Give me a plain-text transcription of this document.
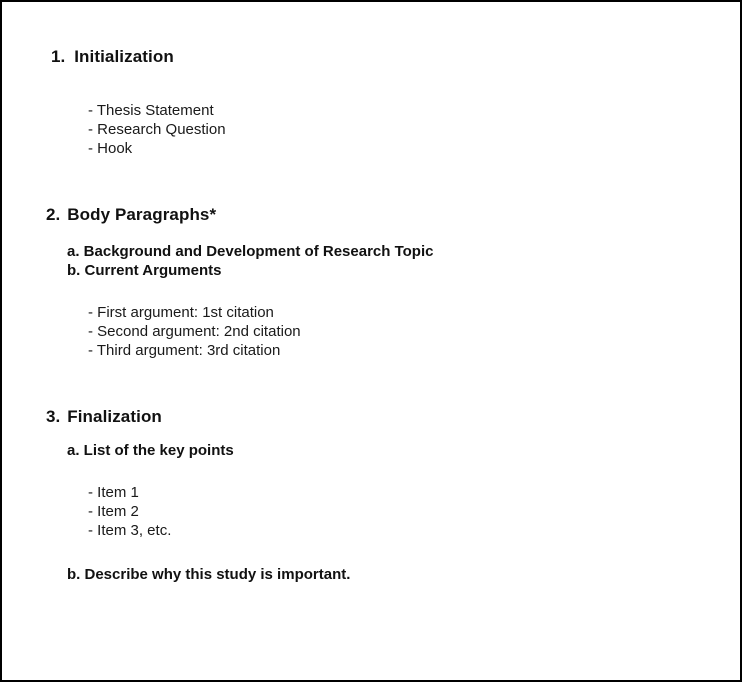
1. Initialization
- Thesis Statement
- Research Question
- Hook
2. Body Paragraphs*
a. Background and Development of Research Topic
b. Current Arguments
- First argument: 1st citation
- Second argument: 2nd citation
- Third argument: 3rd citation
3. Finalization
a. List of the key points
- Item 1
- Item 2
- Item 3, etc.
b. Describe why this study is important.
